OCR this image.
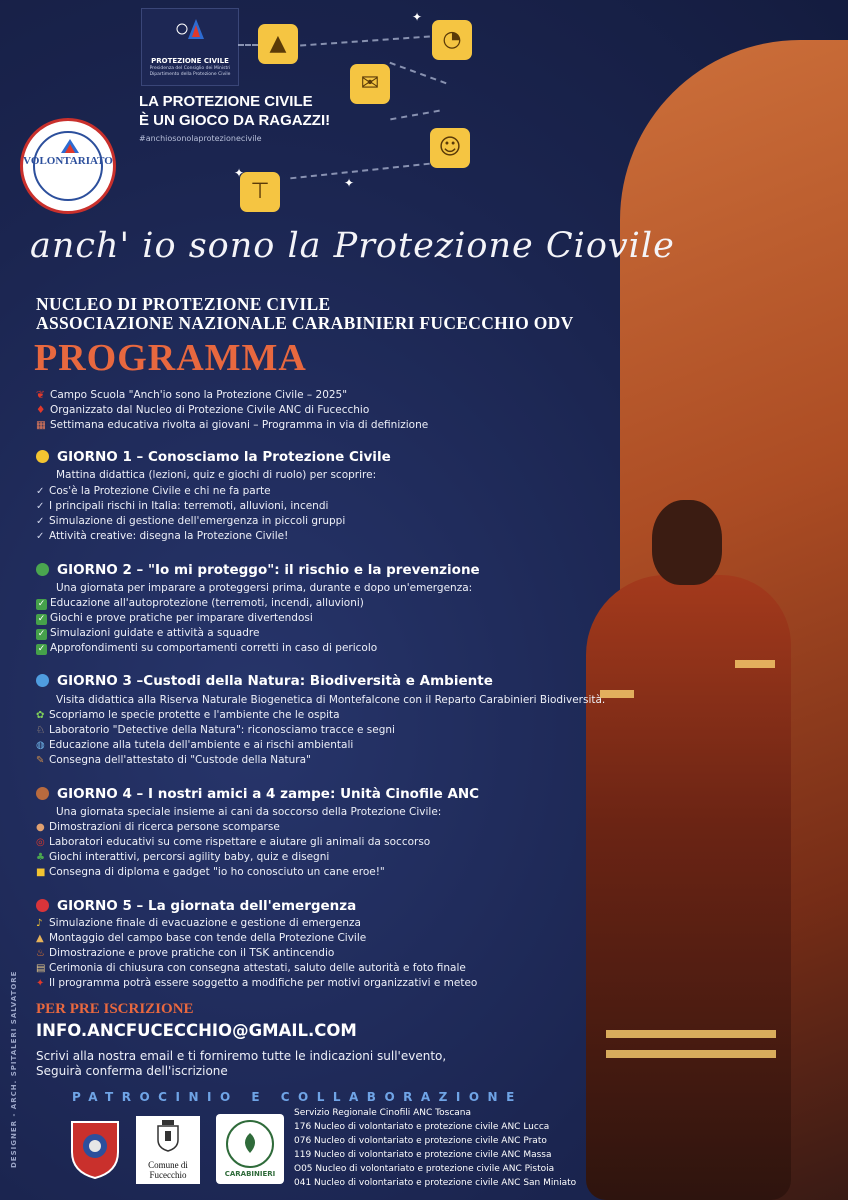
PROTEZIONE CIVILE
Presidenza del Consiglio dei Ministri
Dipartimento della Protezione Civile
▲	◔
✉
☺
⊤
✦
✦
✦
LA PROTEZIONE CIVILE
È UN GIOCO DA RAGAZZI!
#anchiosonolaprotezionecivile
VOLONTARIATO
anch' io sono la Protezione Ciovile
NUCLEO DI PROTEZIONE CIVILE
ASSOCIAZIONE NAZIONALE CARABINIERI FUCECCHIO ODV
PROGRAMMA
❦ Campo Scuola "Anch'io sono la Protezione Civile – 2025"
♦ Organizzato dal Nucleo di Protezione Civile ANC di Fucecchio
▦ Settimana educativa rivolta ai giovani – Programma in via di definizione
GIORNO 1 – Conosciamo la Protezione Civile
Mattina didattica (lezioni, quiz e giochi di ruolo) per scoprire:
✓ Cos'è la Protezione Civile e chi ne fa parte
✓ I principali rischi in Italia: terremoti, alluvioni, incendi
✓ Simulazione di gestione dell'emergenza in piccoli gruppi
✓ Attività creative: disegna la Protezione Civile!
GIORNO 2 – "Io mi proteggo": il rischio e la prevenzione
Una giornata per imparare a proteggersi prima, durante e dopo un'emergenza:
✓ Educazione all'autoprotezione (terremoti, incendi, alluvioni)
✓ Giochi e prove pratiche per imparare divertendosi
✓ Simulazioni guidate e attività a squadre
✓ Approfondimenti su comportamenti corretti in caso di pericolo
GIORNO 3 –Custodi della Natura: Biodiversità e Ambiente
Visita didattica alla Riserva Naturale Biogenetica di Montefalcone con il Reparto Carabinieri Biodiversità.
✿ Scopriamo le specie protette e l'ambiente che le ospita
♘ Laboratorio "Detective della Natura": riconosciamo tracce e segni
◍ Educazione alla tutela dell'ambiente e ai rischi ambientali
✎ Consegna dell'attestato di "Custode della Natura"
GIORNO 4 – I nostri amici a 4 zampe: Unità Cinofile ANC
Una giornata speciale insieme ai cani da soccorso della Protezione Civile:
● Dimostrazioni di ricerca persone scomparse
◎ Laboratori educativi su come rispettare e aiutare gli animali da soccorso
♣ Giochi interattivi, percorsi agility baby, quiz e disegni
■ Consegna di diploma e gadget "io ho conosciuto un cane eroe!"
GIORNO 5 – La giornata dell'emergenza
♪ Simulazione finale di evacuazione e gestione di emergenza
▲ Montaggio del campo base con tende della Protezione Civile
♨ Dimostrazione e prove pratiche con il TSK antincendio
▤ Cerimonia di chiusura con consegna attestati, saluto delle autorità e foto finale
✦ Il programma potrà essere soggetto a modifiche per motivi organizzativi e meteo
PER PRE ISCRIZIONE
INFO.ANCFUCECCHIO@GMAIL.COM
Scrivi alla nostra email e ti forniremo tutte le indicazioni sull'evento,
Seguirà conferma dell'iscrizione
PATROCINIO E COLLABORAZIONE
DESIGNER - ARCH. SPITALERI SALVATORE	Comune di
Fucecchio	CARABINIERI
Servizio Regionale Cinofili ANC Toscana
176 Nucleo di volontariato e protezione civile ANC Lucca
076 Nucleo di volontariato e protezione civile ANC Prato
119 Nucleo di volontariato e protezione civile ANC Massa
O05 Nucleo di volontariato e protezione civile ANC Pistoia
041 Nucleo di volontariato e protezione civile ANC San Miniato
